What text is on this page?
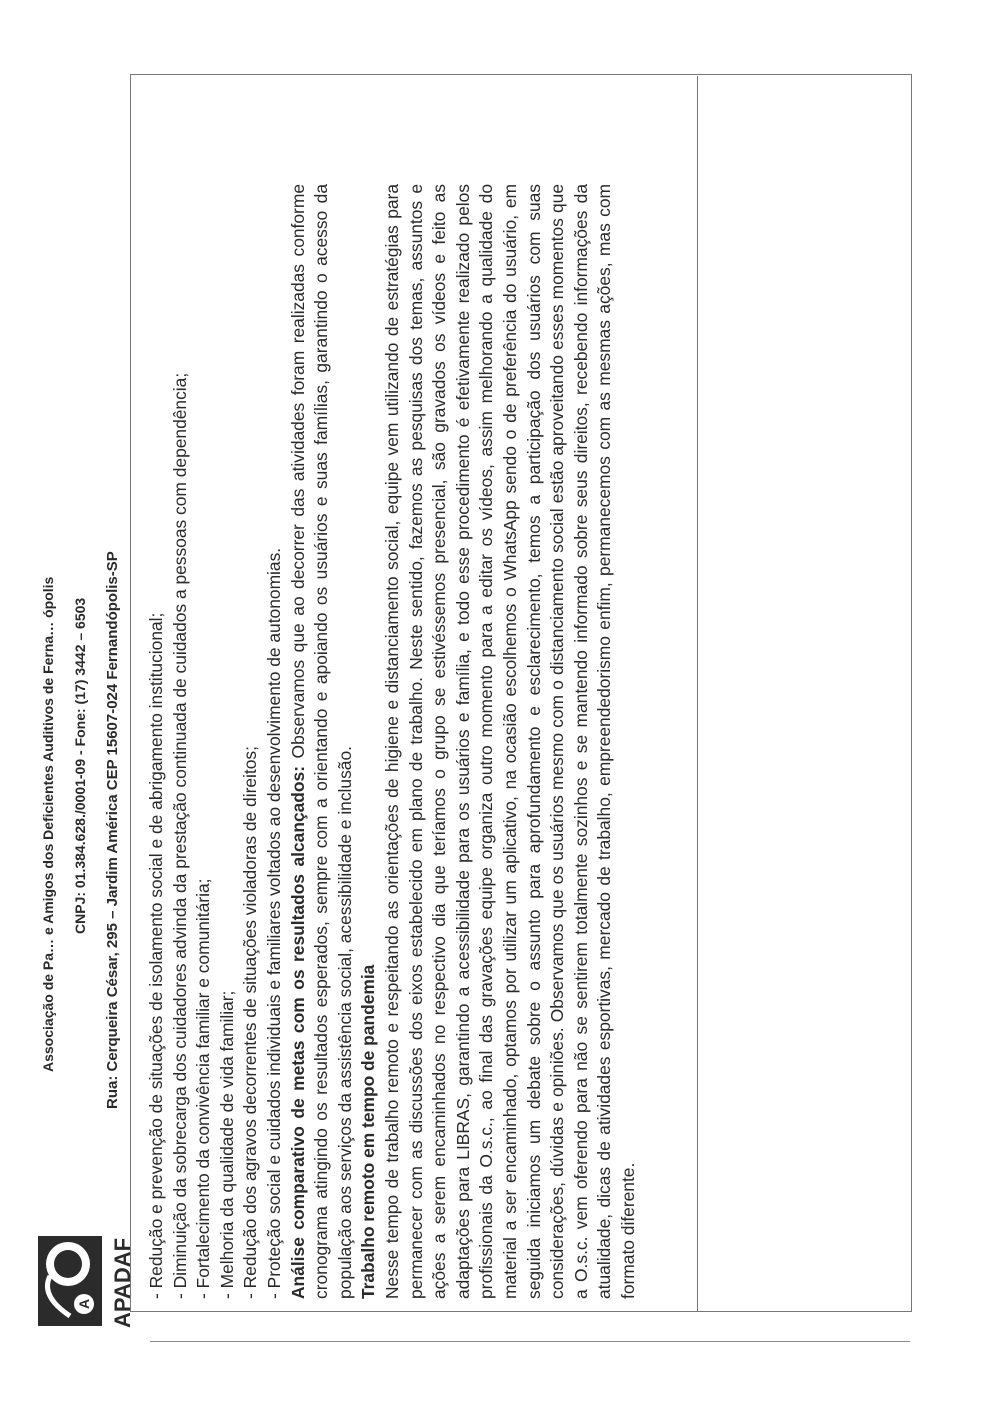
A APADAF
Associação de Pa… e Amigos dos Deficientes Auditivos de Ferna… ópolis CNPJ: 01.384.628./0001-09 - Fone: (17) 3442 – 6503 Rua: Cerqueira César, 295 – Jardim América CEP 15607-024 Fernandópolis-SP - Redução e prevenção de situações de isolamento social e de abrigamento institucional; - Diminuição da sobrecarga dos cuidadores advinda da prestação continuada de cuidados a pessoas com dependência; - Fortalecimento da convivência familiar e comunitária; - Melhoria da qualidade de vida familiar; - Redução dos agravos decorrentes de situações violadoras de direitos; - Proteção social e cuidados individuais e familiares voltados ao desenvolvimento de autonomias. Análise comparativo de metas com os resultados alcançados: Observamos que ao decorrer das atividades foram realizadas conforme cronograma atingindo os resultados esperados, sempre com a orientando e apoiando os usuários e suas famílias, garantindo o acesso da população aos serviços da assistência social, acessibilidade e inclusão. Trabalho remoto em tempo de pandemia Nesse tempo de trabalho remoto e respeitando as orientações de higiene e distanciamento social, equipe vem utilizando de estratégias para permanecer com as discussões dos eixos estabelecido em plano de trabalho. Neste sentido, fazemos as pesquisas dos temas, assuntos e ações a serem encaminhados no respectivo dia que teríamos o grupo se estivéssemos presencial, são gravados os vídeos e feito as adaptações para LIBRAS, garantindo a acessibilidade para os usuários e família, e todo esse procedimento é efetivamente realizado pelos profissionais da O.s.c., ao final das gravações equipe organiza outro momento para a editar os vídeos, assim melhorando a qualidade do material a ser encaminhado, optamos por utilizar um aplicativo, na ocasião escolhemos o WhatsApp sendo o de preferência do usuário, em seguida iniciamos um debate sobre o assunto para aprofundamento e esclarecimento, temos a participação dos usuários com suas considerações, dúvidas e opiniões. Observamos que os usuários mesmo com o distanciamento social estão aproveitando esses momentos que a O.s.c. vem oferendo para não se sentirem totalmente sozinhos e se mantendo informado sobre seus direitos, recebendo informações da atualidade, dicas de atividades esportivas, mercado de trabalho, empreendedorismo enfim, permanecemos com as mesmas ações, mas com formato diferente.
